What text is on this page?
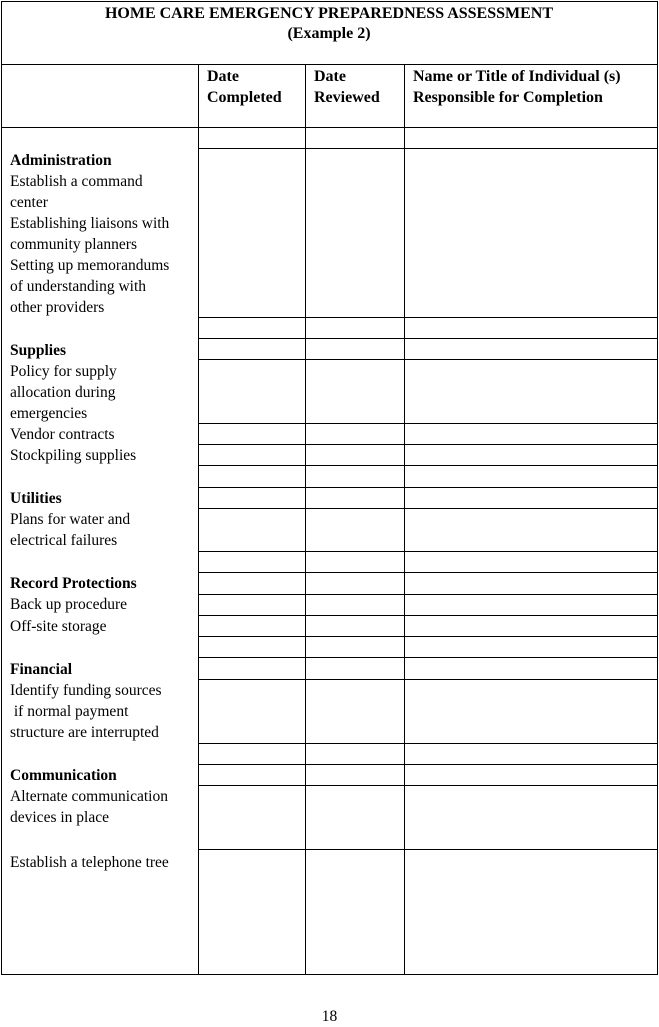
HOME CARE EMERGENCY PREPAREDNESS ASSESSMENT
(Example 2)
Date
Completed
Date
Reviewed
Name or Title of Individual (s)
Responsible for Completion
Administration
Establish a command
center
Establishing liaisons with
community planners
Setting up memorandums
of understanding with
other providers
Supplies
Policy for supply
allocation during
emergencies
Vendor contracts
Stockpiling supplies
Utilities
Plans for water and
electrical failures
Record Protections
Back up procedure
Off-site storage
Financial
Identify funding sources
if normal payment
structure are interrupted
Communication
Alternate communication
devices in place
Establish a telephone tree
18
